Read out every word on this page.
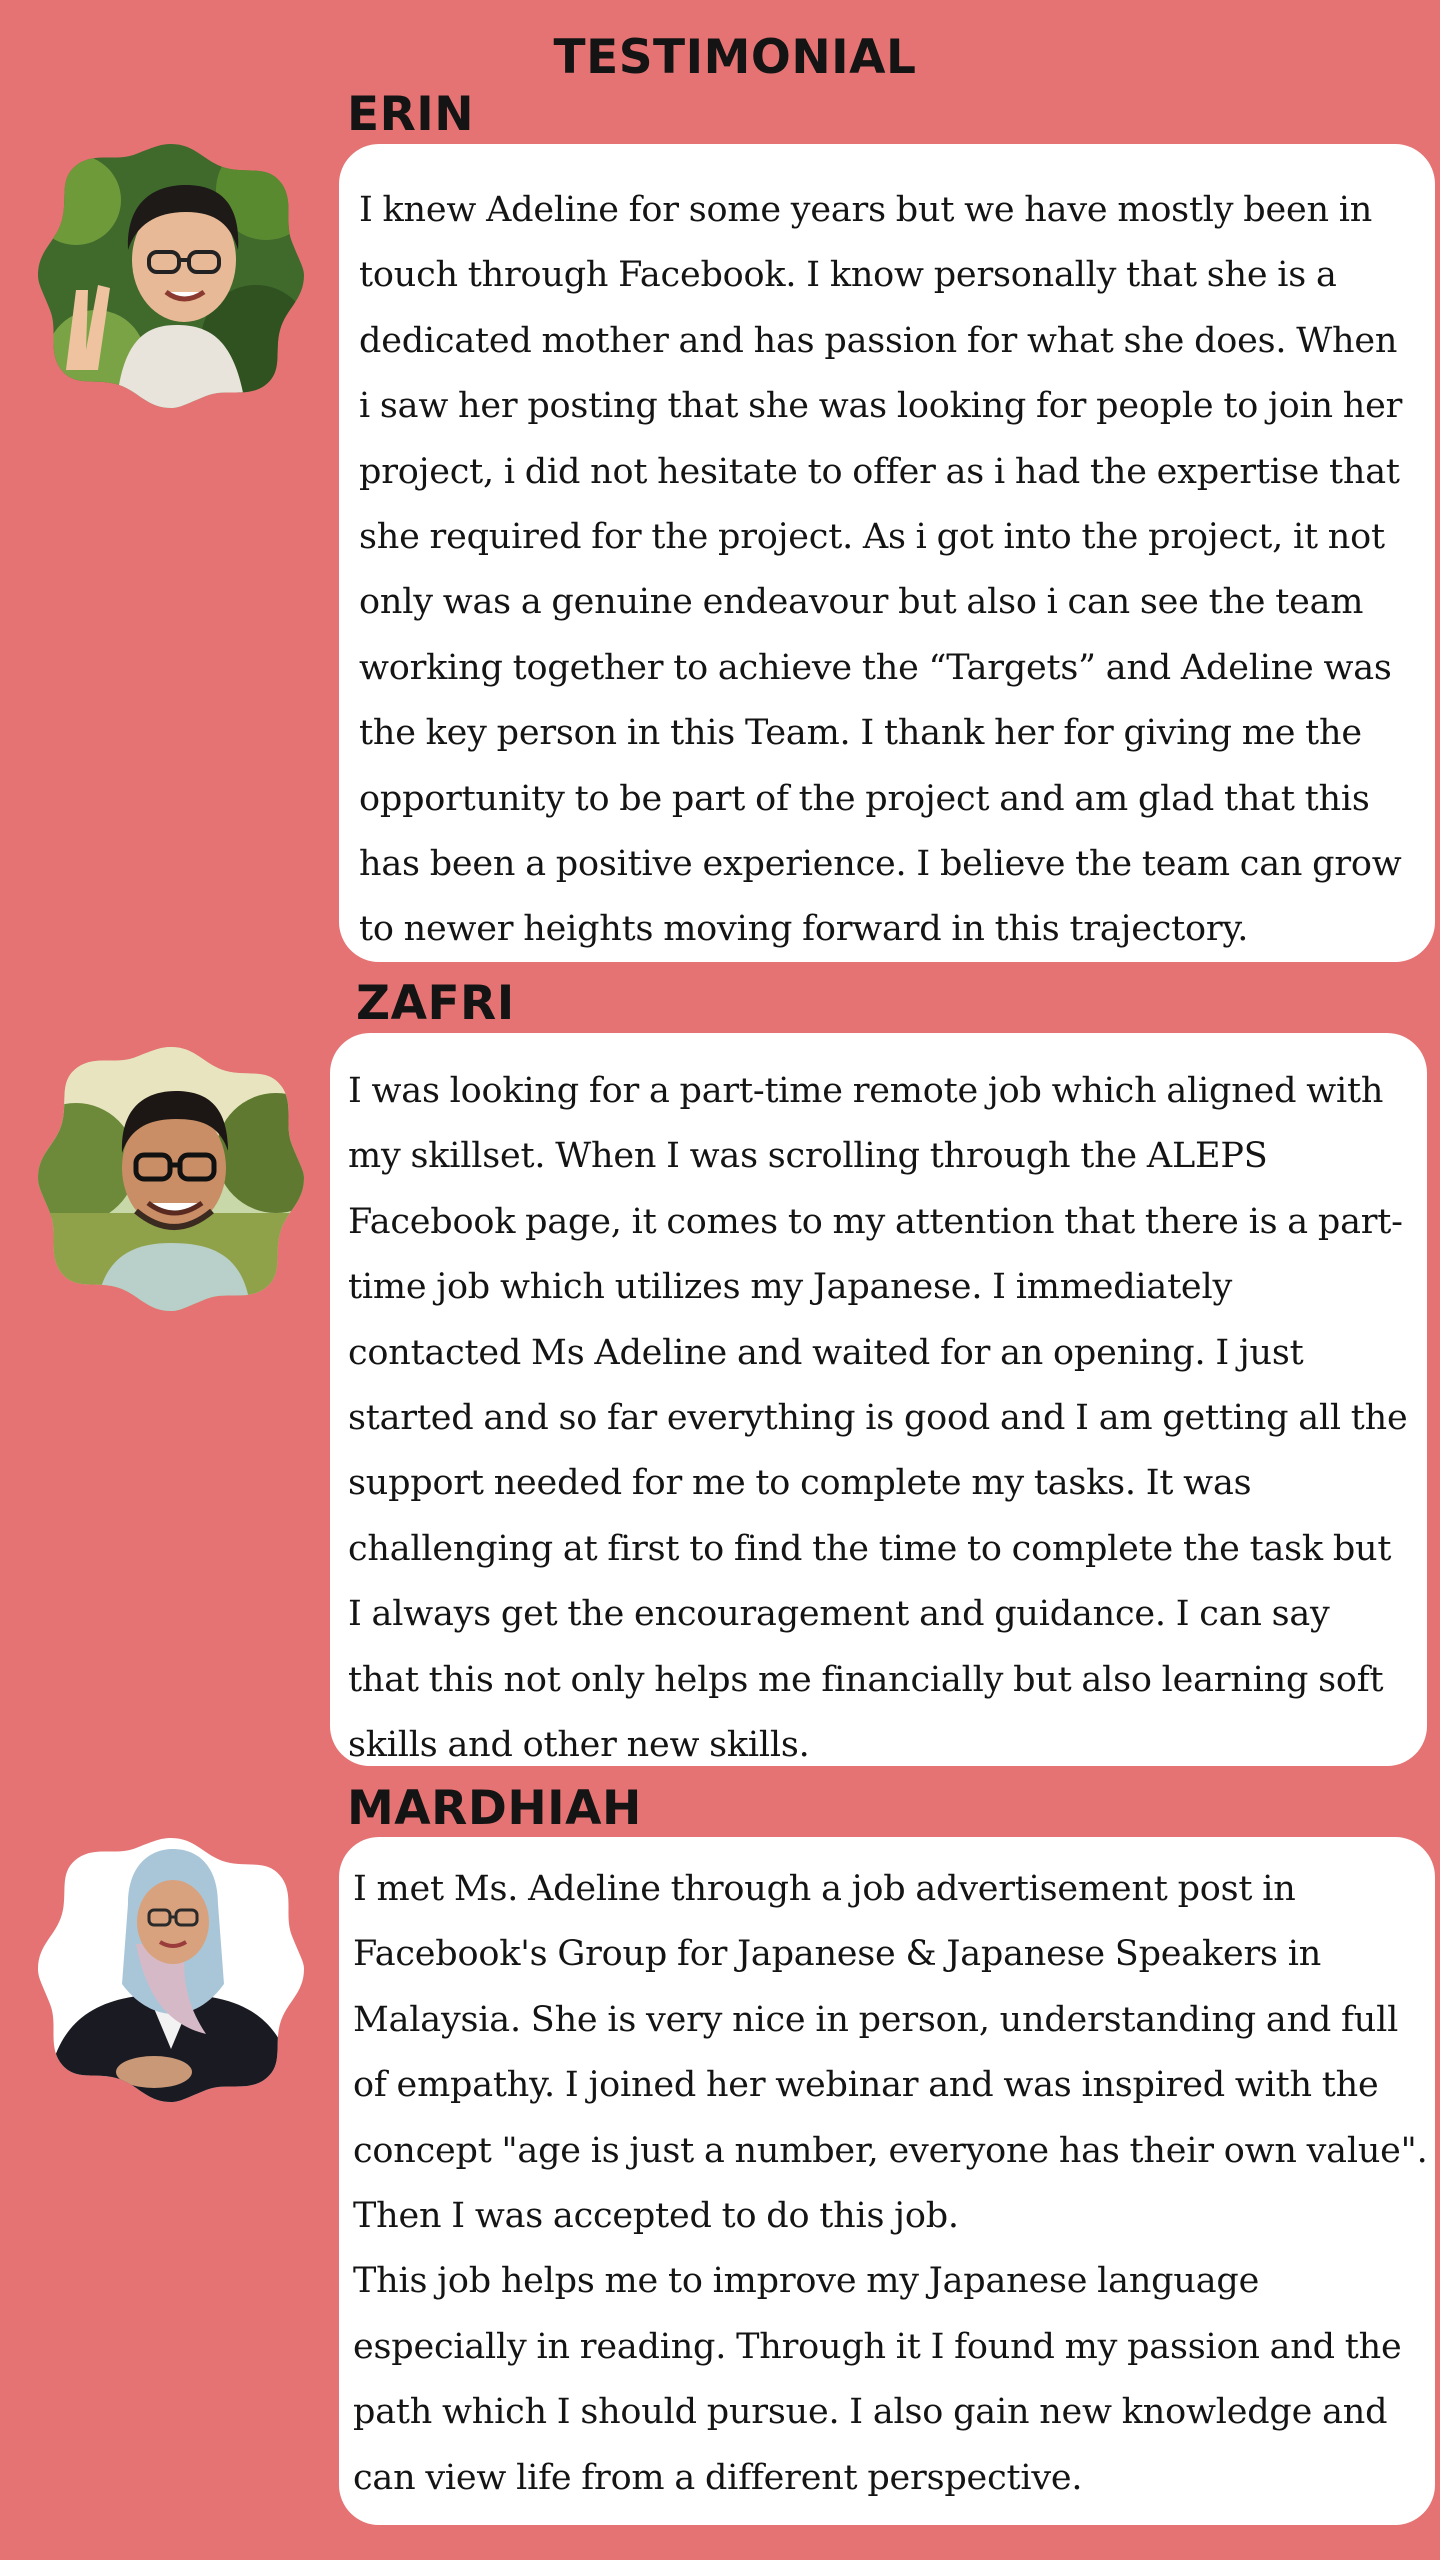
TESTIMONIAL
ERIN

I knew Adeline for some years but we have mostly been in touch through Facebook. I know personally that she is a dedicated mother and has passion for what she does. When i saw her posting that she was looking for people to join her project, i did not hesitate to offer as i had the expertise that she required for the project. As i got into the project, it not only was a genuine endeavour but also i can see the team working together to achieve the “Targets” and Adeline was the key person in this Team. I thank her for giving me the opportunity to be part of the project and am glad that this has been a positive experience. I believe the team can grow to newer heights moving forward in this trajectory.

ZAFRI

I was looking for a part-time remote job which aligned with my skillset. When I was scrolling through the ALEPS Facebook page, it comes to my attention that there is a part-time job which utilizes my Japanese. I immediately contacted Ms Adeline and waited for an opening. I just started and so far everything is good and I am getting all the support needed for me to complete my tasks. It was challenging at first to find the time to complete the task but I always get the encouragement and guidance. I can say that this not only helps me financially but also learning soft skills and other new skills.

MARDHIAH

I met Ms. Adeline through a job advertisement post in Facebook's Group for Japanese & Japanese Speakers in Malaysia. She is very nice in person, understanding and full of empathy. I joined her webinar and was inspired with the concept "age is just a number, everyone has their own value". Then I was accepted to do this job.

This job helps me to improve my Japanese language especially in reading. Through it I found my passion and the path which I should pursue. I also gain new knowledge and can view life from a different perspective.
